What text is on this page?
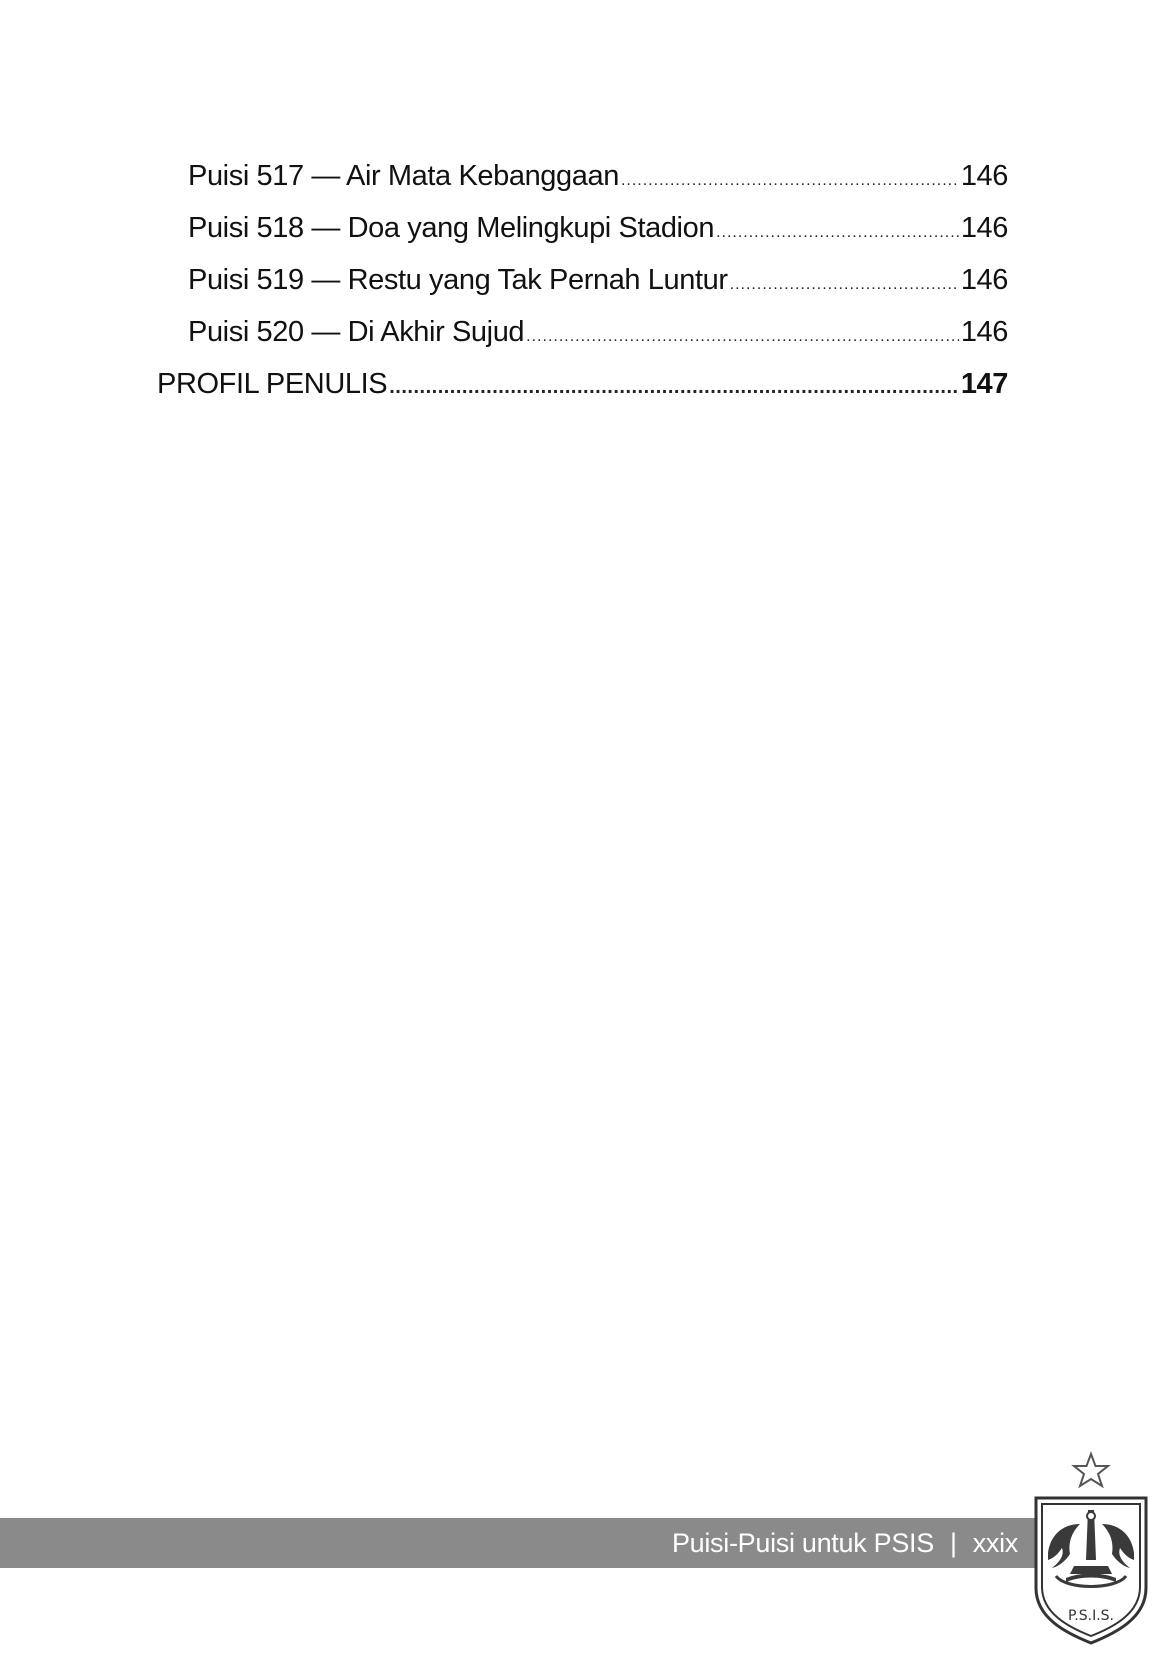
Puisi 517 — Air Mata Kebanggaan .....	146
Puisi 518 — Doa yang Melingkupi Stadion .....	146
Puisi 519 — Restu yang Tak Pernah Luntur .....	146
Puisi 520 — Di Akhir Sujud .....	146
PROFIL PENULIS .....	147
Puisi-Puisi untuk PSIS | xxix
P.S.I.S.
